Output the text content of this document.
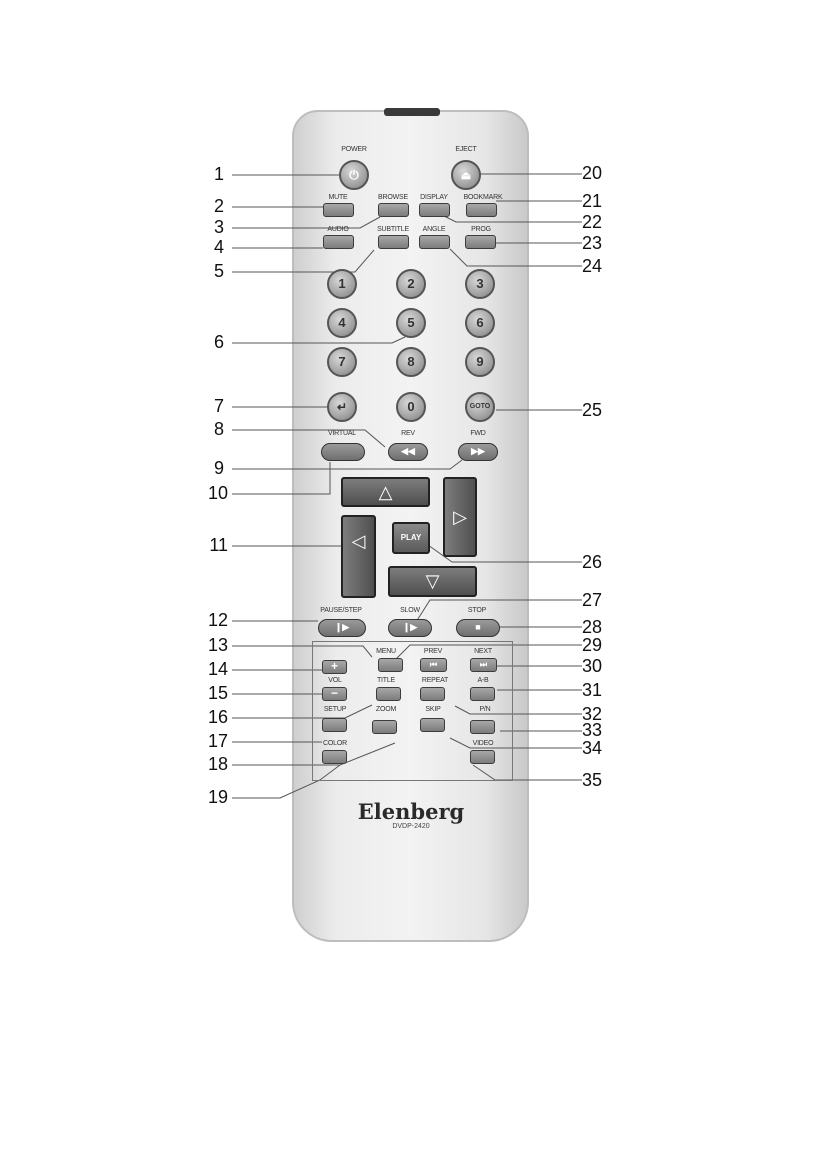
POWER
⏻
EJECT
⏏
MUTE	BROWSE	DISPLAY	BOOKMARK
AUDIO	SUBTITLE	ANGLE	PROG
1	2	3
4	5	6
7	8	9
↵	0	GOTO
VIRTUAL	REV
◀◀
FWD
▶▶
△
▷
◁
▽
PLAY
PAUSE/STEP
❙▶
SLOW
❙▶
STOP
■
MENU	PREV
⏮
NEXT
⏭
+
VOL
−
TITLE	REPEAT	A-B
SETUP	ZOOM	SKIP	P/N
COLOR	VIDEO
Elenberg
DVDP-2420
1
2
3
4
5
6
7
8
9
10
11
12
13
14
15
16
17
18
19
20
21
22
23
24
25
26
27
28
29
30
31
32
33
34
35
